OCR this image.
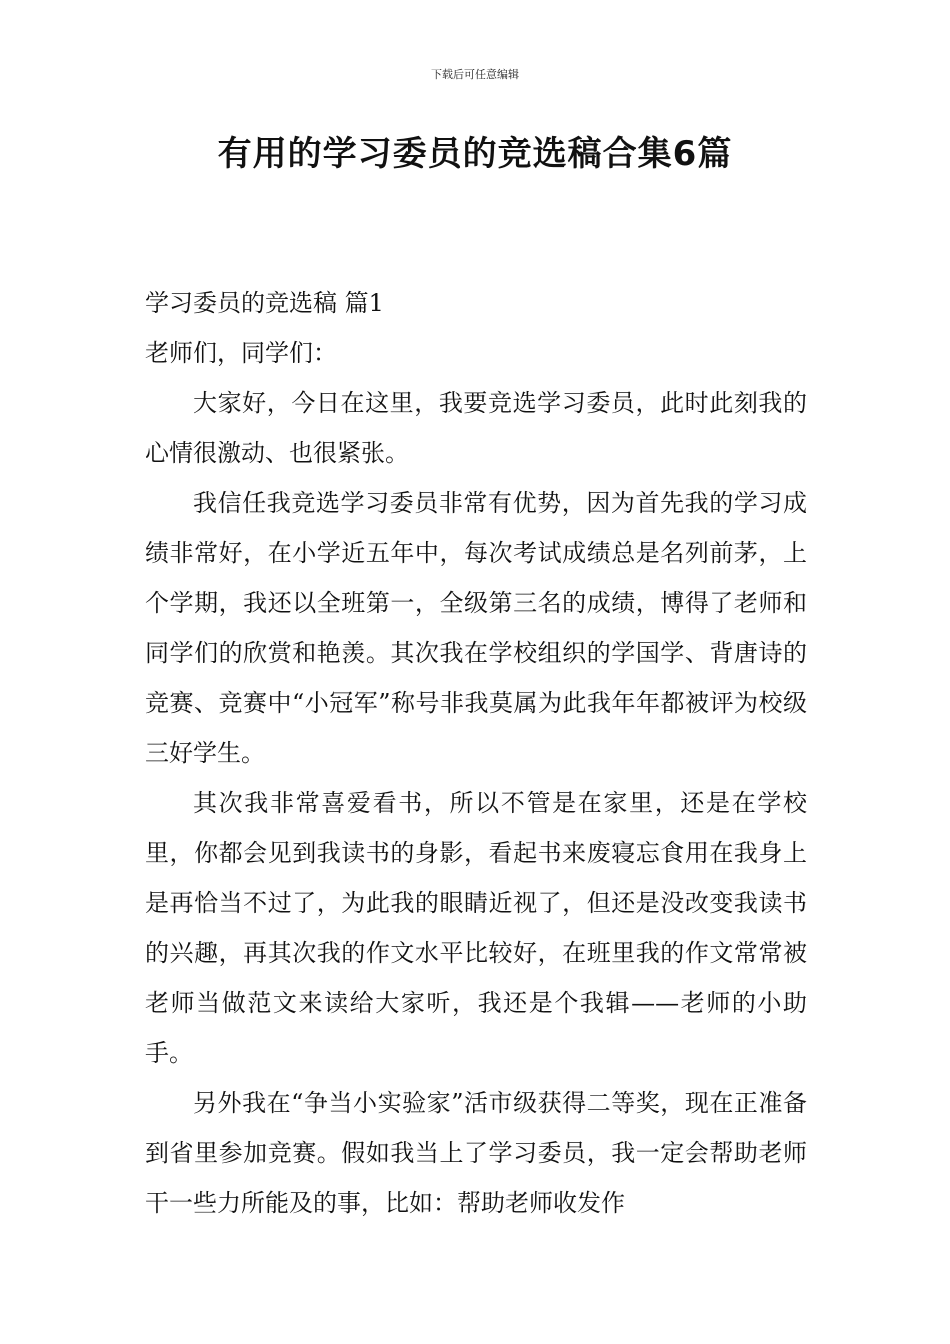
下载后可任意编辑
有用的学习委员的竞选稿合集6篇

学习委员的竞选稿 篇1

老师们，同学们：

大家好，今日在这里，我要竞选学习委员，此时此刻我的心情很激动、也很紧张。

我信任我竞选学习委员非常有优势，因为首先我的学习成绩非常好，在小学近五年中，每次考试成绩总是名列前茅，上个学期，我还以全班第一，全级第三名的成绩，博得了老师和同学们的欣赏和艳羡。其次我在学校组织的学国学、背唐诗的竞赛、竞赛中“小冠军”称号非我莫属为此我年年都被评为校级三好学生。

其次我非常喜爱看书，所以不管是在家里，还是在学校里，你都会见到我读书的身影，看起书来废寝忘食用在我身上是再恰当不过了，为此我的眼睛近视了，但还是没改变我读书的兴趣，再其次我的作文水平比较好，在班里我的作文常常被老师当做范文来读给大家听，我还是个我辑——老师的小助手。

另外我在“争当小实验家”活市级获得二等奖，现在正准备到省里参加竞赛。假如我当上了学习委员，我一定会帮助老师干一些力所能及的事，比如：帮助老师收发作
